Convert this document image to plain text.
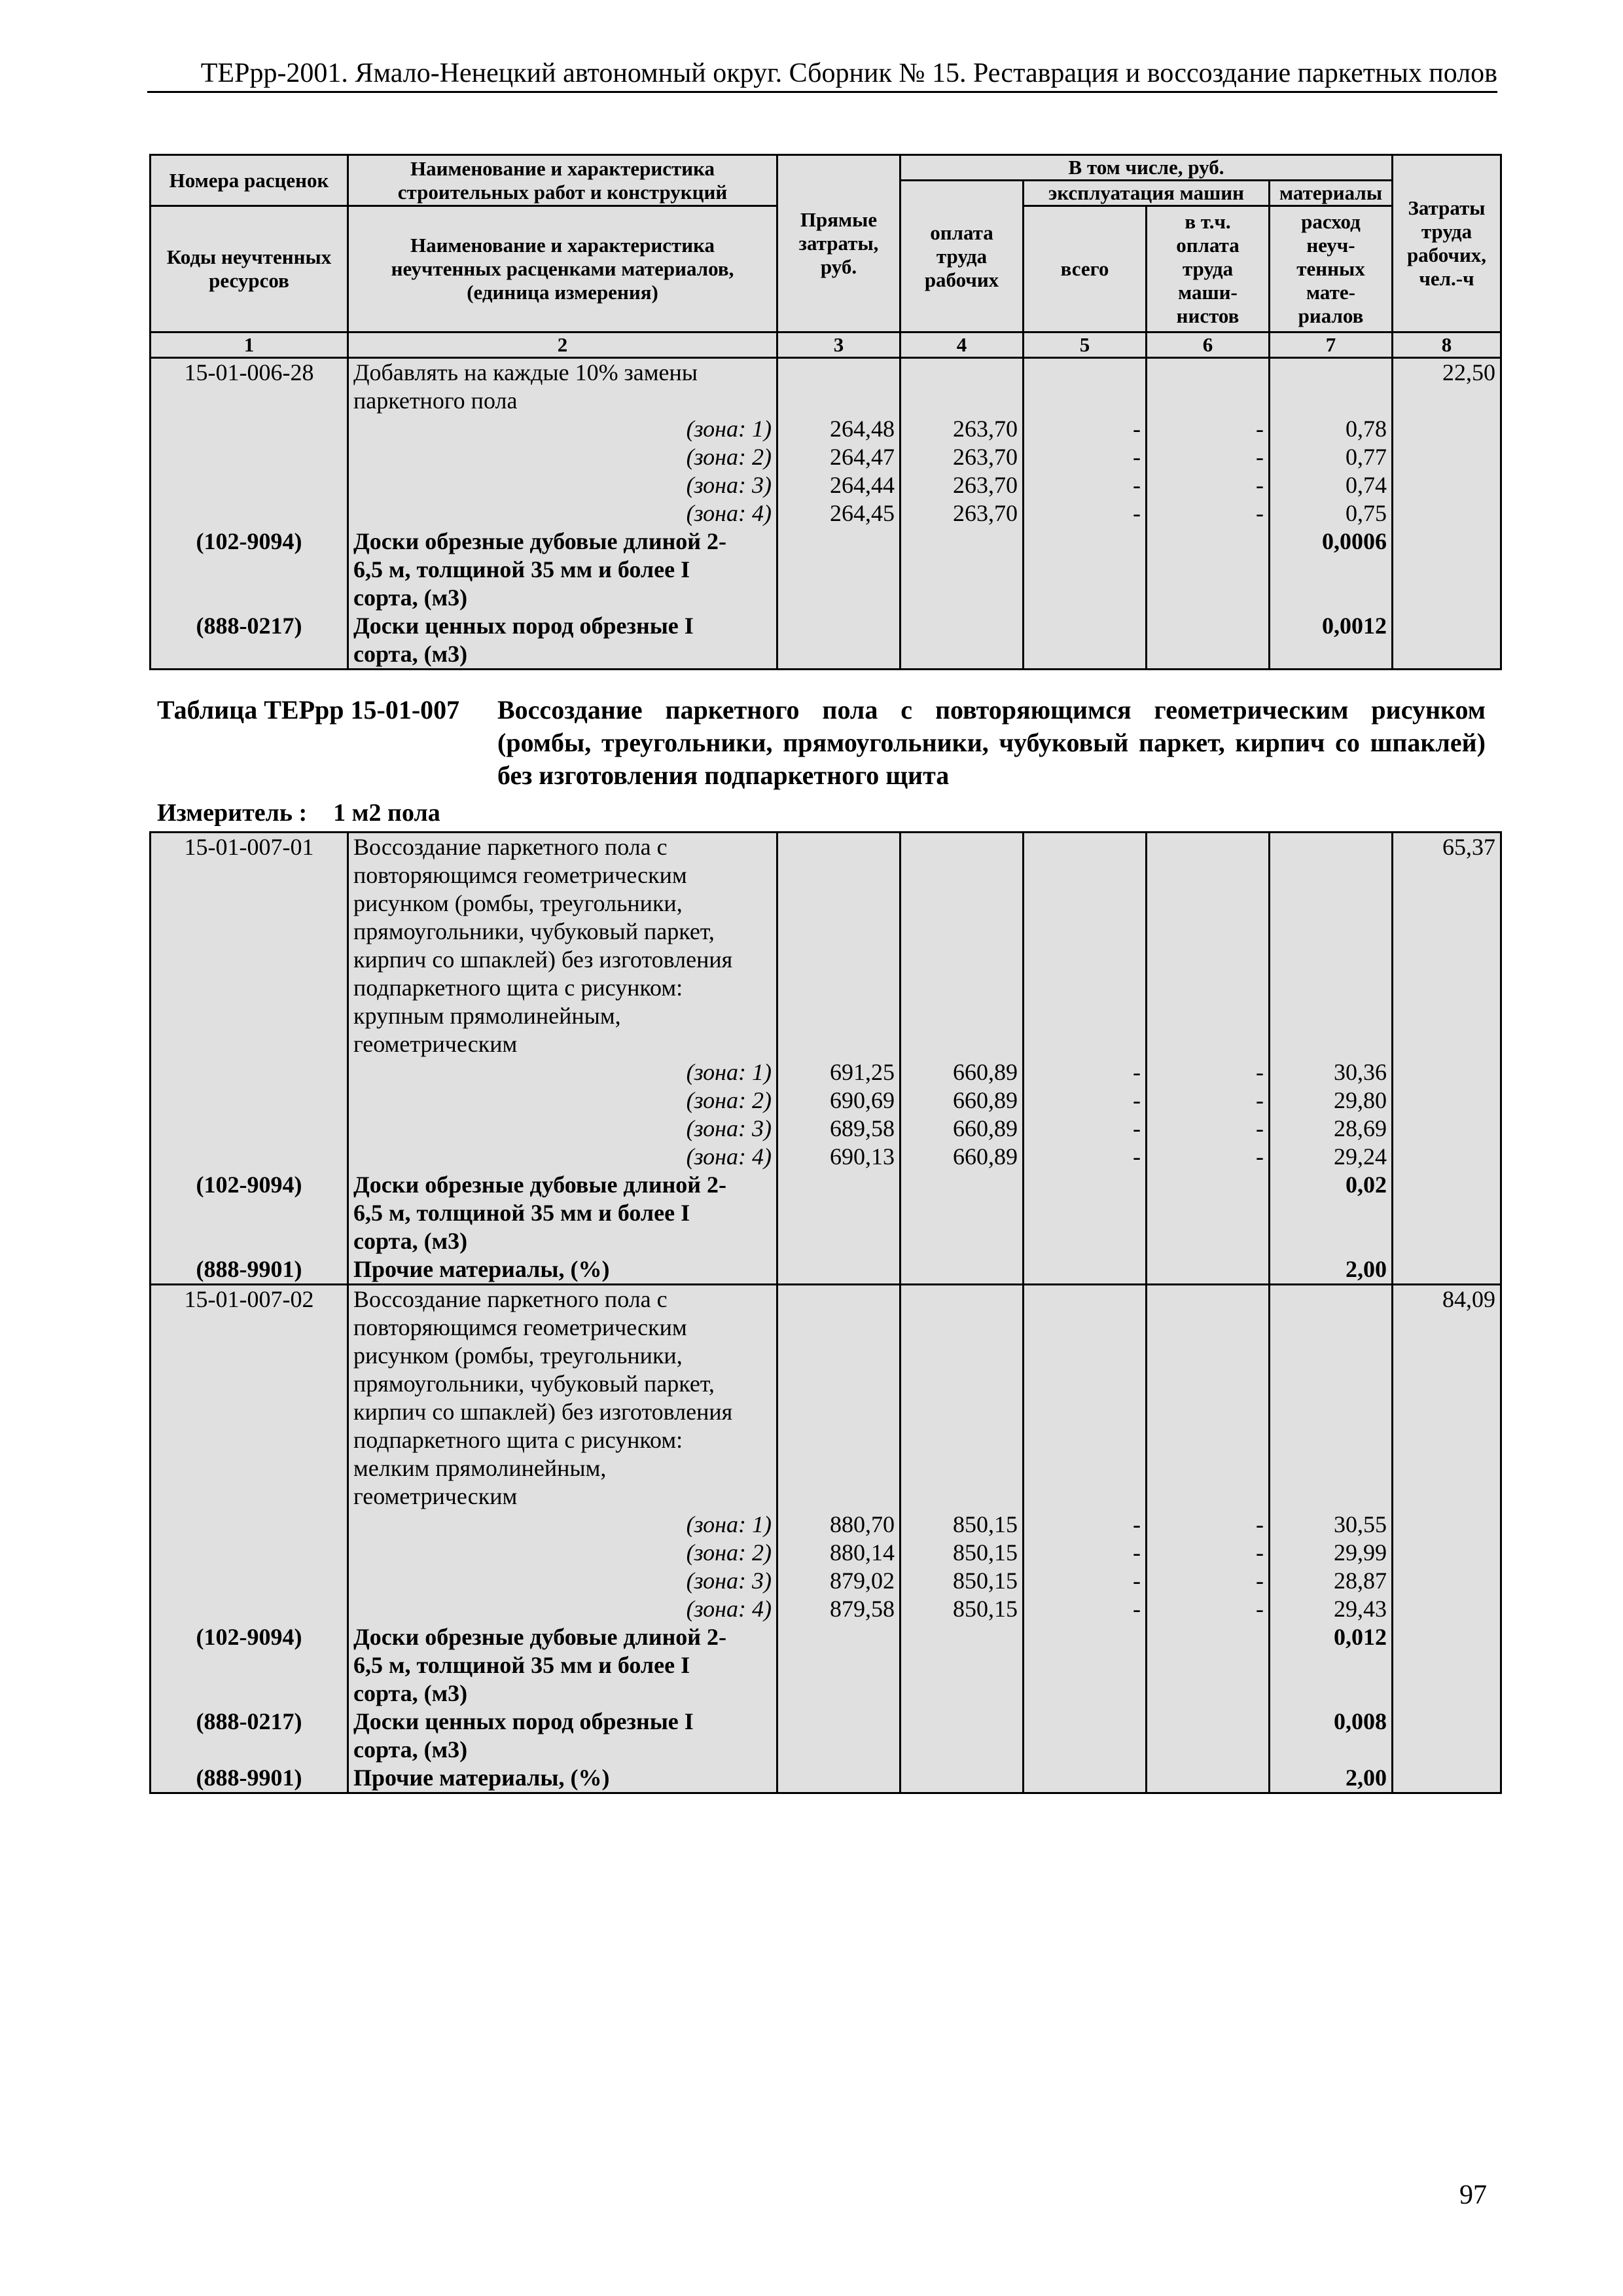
ТЕРрр-2001. Ямало-Ненецкий автономный округ. Сборник № 15. Реставрация и воссоздание паркетных полов
Номера расценок	Наименование и характеристика строительных работ и конструкций	Прямые затраты, руб.	В том числе, руб.				Затраты труда рабочих, чел.-ч
			оплата труда рабочих	эксплуатация машин		материалы	
Коды неучтенных ресурсов	Наименование и характеристика неучтенных расценками материалов, (единица измерения)			всего	в т.ч. оплата труда маши-нистов	расход неуч-тенных мате-риалов	

1	2	3	4	5	6	7	8
15-01-006-28	Добавлять на каждые 10% замены						22,50
	паркетного пола						
	(зона: 1)	264,48	263,70	-	-	0,78	
	(зона: 2)	264,47	263,70	-	-	0,77	
	(зона: 3)	264,44	263,70	-	-	0,74	
	(зона: 4)	264,45	263,70	-	-	0,75	
(102-9094)	Доски обрезные дубовые длиной 2-					0,0006	
	6,5 м, толщиной 35 мм и более I						
	сорта, (м3)						
(888-0217)	Доски ценных пород обрезные I					0,0012	
	сорта, (м3)						
Таблица ТЕРрр 15-01-007 Воссоздание паркетного пола с повторяющимся геометрическим рисунком (ромбы, треугольники, прямоугольники, чубуковый паркет, кирпич со шпаклей) без изготовления подпаркетного щита
Измеритель : 1 м2 пола
15-01-007-01	Воссоздание паркетного пола с						65,37
	повторяющимся геометрическим						
	рисунком (ромбы, треугольники,						
	прямоугольники, чубуковый паркет,						
	кирпич со шпаклей) без изготовления						
	подпаркетного щита с рисунком:						
	крупным прямолинейным,						
	геометрическим						
	(зона: 1)	691,25	660,89	-	-	30,36	
	(зона: 2)	690,69	660,89	-	-	29,80	
	(зона: 3)	689,58	660,89	-	-	28,69	
	(зона: 4)	690,13	660,89	-	-	29,24	
(102-9094)	Доски обрезные дубовые длиной 2-					0,02	
	6,5 м, толщиной 35 мм и более I						
	сорта, (м3)						
(888-9901)	Прочие материалы, (%)					2,00	
15-01-007-02	Воссоздание паркетного пола с						84,09
	повторяющимся геометрическим						
	рисунком (ромбы, треугольники,						
	прямоугольники, чубуковый паркет,						
	кирпич со шпаклей) без изготовления						
	подпаркетного щита с рисунком:						
	мелким прямолинейным,						
	геометрическим						
	(зона: 1)	880,70	850,15	-	-	30,55	
	(зона: 2)	880,14	850,15	-	-	29,99	
	(зона: 3)	879,02	850,15	-	-	28,87	
	(зона: 4)	879,58	850,15	-	-	29,43	
(102-9094)	Доски обрезные дубовые длиной 2-					0,012	
	6,5 м, толщиной 35 мм и более I						
	сорта, (м3)						
(888-0217)	Доски ценных пород обрезные I					0,008	
	сорта, (м3)						
(888-9901)	Прочие материалы, (%)					2,00	
97
